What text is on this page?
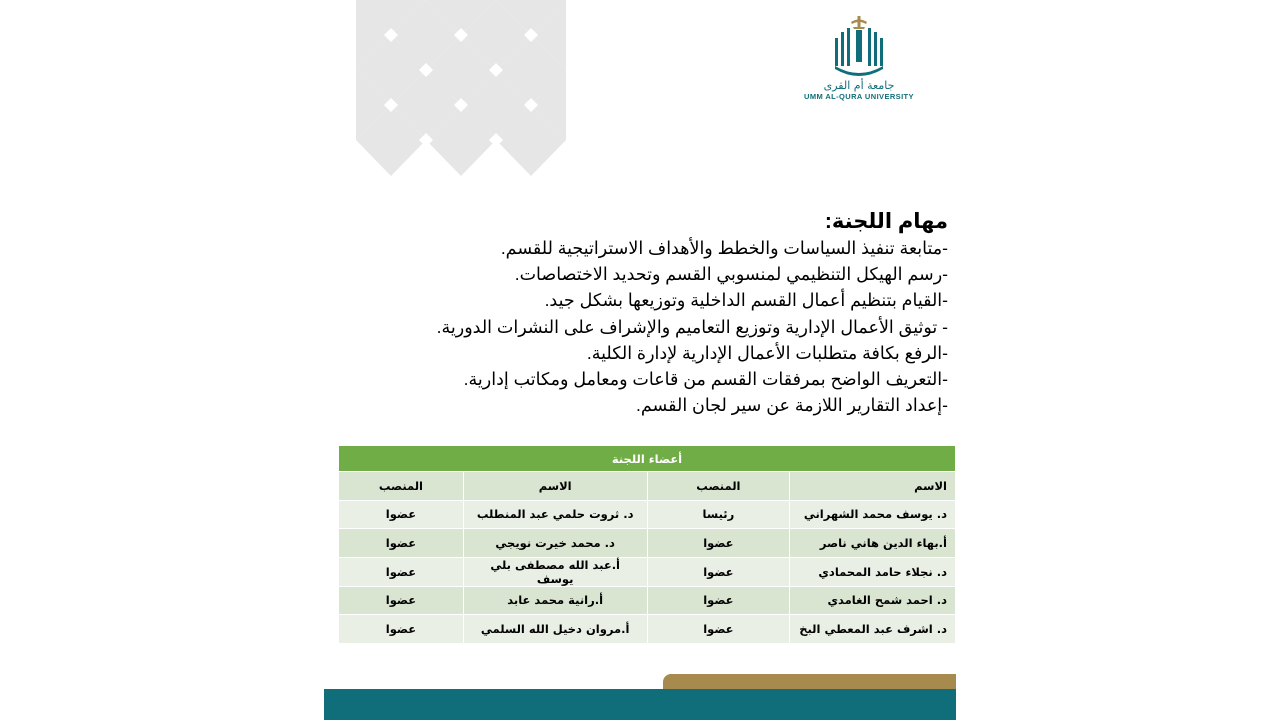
جامعة أم القرى
UMM AL-QURA UNIVERSITY
مهام اللجنة:
-متابعة تنفيذ السياسات والخطط والأهداف الاستراتيجية للقسم.
-رسم الهيكل التنظيمي لمنسوبي القسم وتحديد الاختصاصات.
-القيام بتنظيم أعمال القسم الداخلية وتوزيعها بشكل جيد.
- توثيق الأعمال الإدارية وتوزيع التعاميم والإشراف على النشرات الدورية.
-الرفع بكافة متطلبات الأعمال الإدارية لإدارة الكلية.
-التعريف الواضح بمرفقات القسم من قاعات ومعامل ومكاتب إدارية.
-إعداد التقارير اللازمة عن سير لجان القسم.
أعضاء اللجنة			
الاسم	المنصب	الاسم	المنصب
د. يوسف محمد الشهراني	رئيسا	د. ثروت حلمي عبد المنطلب	عضوا
أ.بهاء الدين هاني ناصر	عضوا	د. محمد خيرت نويجي	عضوا
د. نجلاء حامد المحمادي	عضوا	أ.عبد الله مصطفى بلي يوسف	عضوا
د. احمد شمح الغامدي	عضوا	أ.رانية محمد عابد	عضوا
د. اشرف عبد المعطي البخ	عضوا	أ.مروان دخيل الله السلمي	عضوا
